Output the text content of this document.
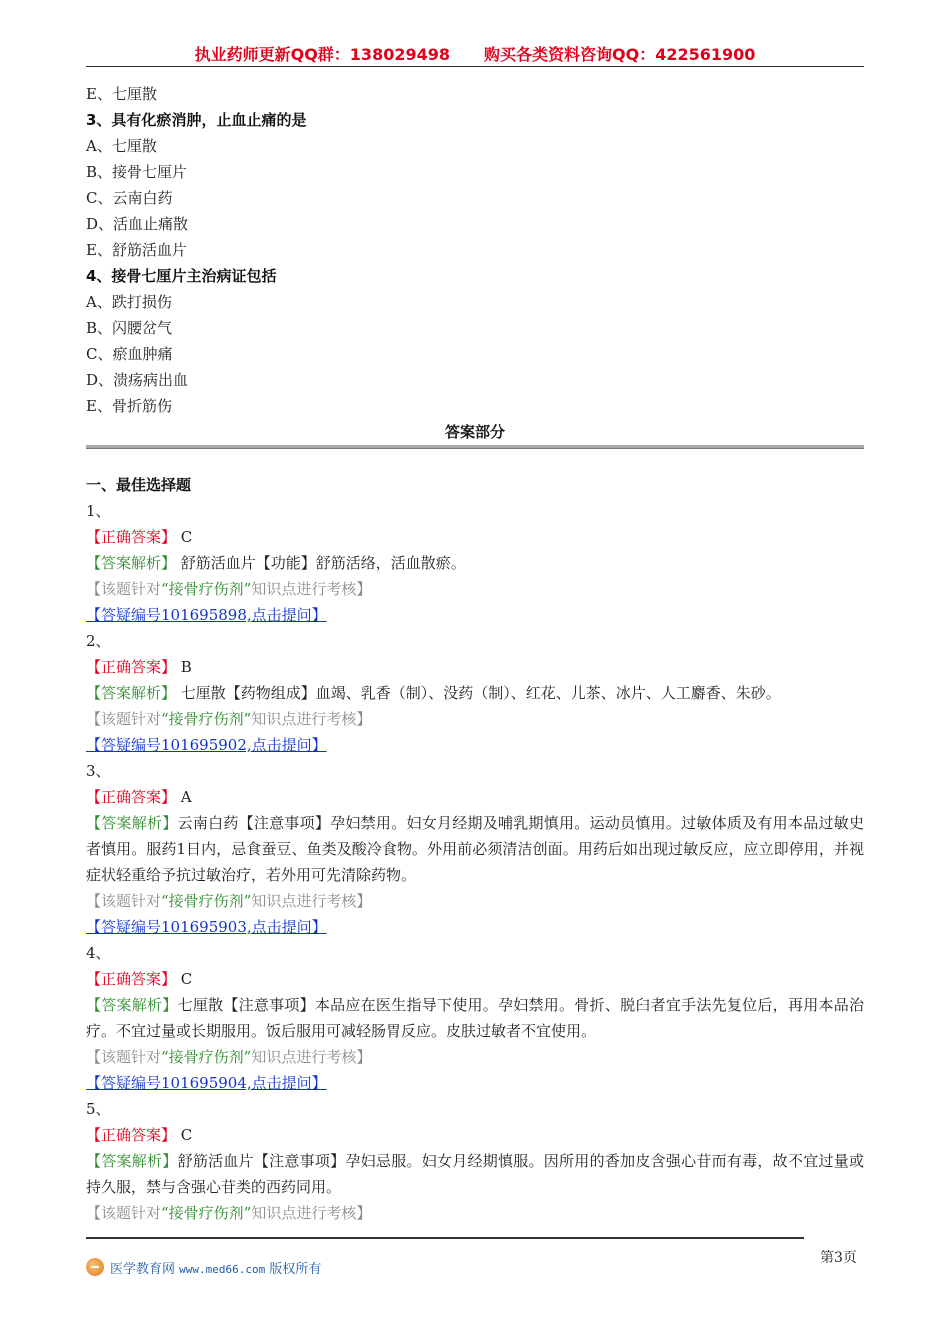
执业药师更新QQ群：138029498 购买各类资料咨询QQ：422561900
E、七厘散
3、具有化瘀消肿，止血止痛的是
A、七厘散
B、接骨七厘片
C、云南白药
D、活血止痛散
E、舒筋活血片
4、接骨七厘片主治病证包括
A、跌打损伤
B、闪腰岔气
C、瘀血肿痛
D、溃疡病出血
E、骨折筋伤
答案部分
一、最佳选择题
1、
【正确答案】 C
【答案解析】 舒筋活血片【功能】舒筋活络，活血散瘀。
【该题针对“接骨疗伤剂”知识点进行考核】
【答疑编号101695898,点击提问】
2、
【正确答案】 B
【答案解析】 七厘散【药物组成】血竭、乳香（制）、没药（制）、红花、儿茶、冰片、人工麝香、朱砂。
【该题针对“接骨疗伤剂”知识点进行考核】
【答疑编号101695902,点击提问】
3、
【正确答案】 A
【答案解析】云南白药【注意事项】孕妇禁用。妇女月经期及哺乳期慎用。运动员慎用。过敏体质及有用本品过敏史者慎用。服药1日内，忌食蚕豆、鱼类及酸冷食物。外用前必须清洁创面。用药后如出现过敏反应，应立即停用，并视症状轻重给予抗过敏治疗，若外用可先清除药物。
【该题针对“接骨疗伤剂”知识点进行考核】
【答疑编号101695903,点击提问】
4、
【正确答案】 C
【答案解析】七厘散【注意事项】本品应在医生指导下使用。孕妇禁用。骨折、脱臼者宜手法先复位后，再用本品治疗。不宜过量或长期服用。饭后服用可减轻肠胃反应。皮肤过敏者不宜使用。
【该题针对“接骨疗伤剂”知识点进行考核】
【答疑编号101695904,点击提问】
5、
【正确答案】 C
【答案解析】舒筋活血片【注意事项】孕妇忌服。妇女月经期慎服。因所用的香加皮含强心苷而有毒，故不宜过量或持久服，禁与含强心苷类的西药同用。
【该题针对“接骨疗伤剂”知识点进行考核】
第3页
医学教育网 www.med66.com 版权所有
